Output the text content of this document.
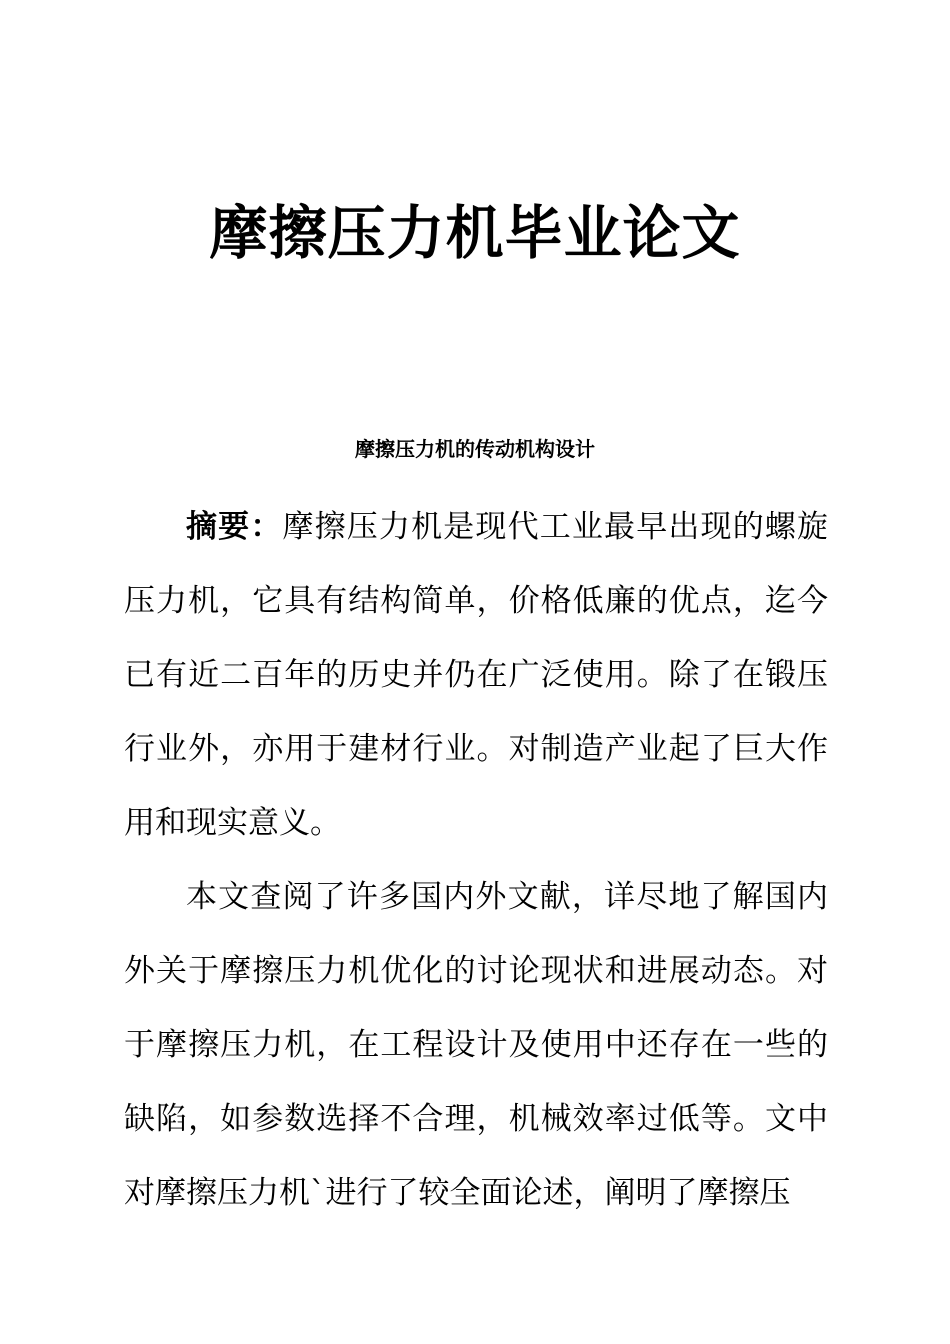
摩擦压力机毕业论文
摩擦压力机的传动机构设计

摘要：摩擦压力机是现代工业最早出现的螺旋压力机，它具有结构简单，价格低廉的优点，迄今已有近二百年的历史并仍在广泛使用。除了在锻压行业外，亦用于建材行业。对制造产业起了巨大作用和现实意义。

本文查阅了许多国内外文献，详尽地了解国内外关于摩擦压力机优化的讨论现状和进展动态。对于摩擦压力机，在工程设计及使用中还存在一些的缺陷，如参数选择不合理，机械效率过低等。文中对摩擦压力机`进行了较全面论述，阐明了摩擦压
